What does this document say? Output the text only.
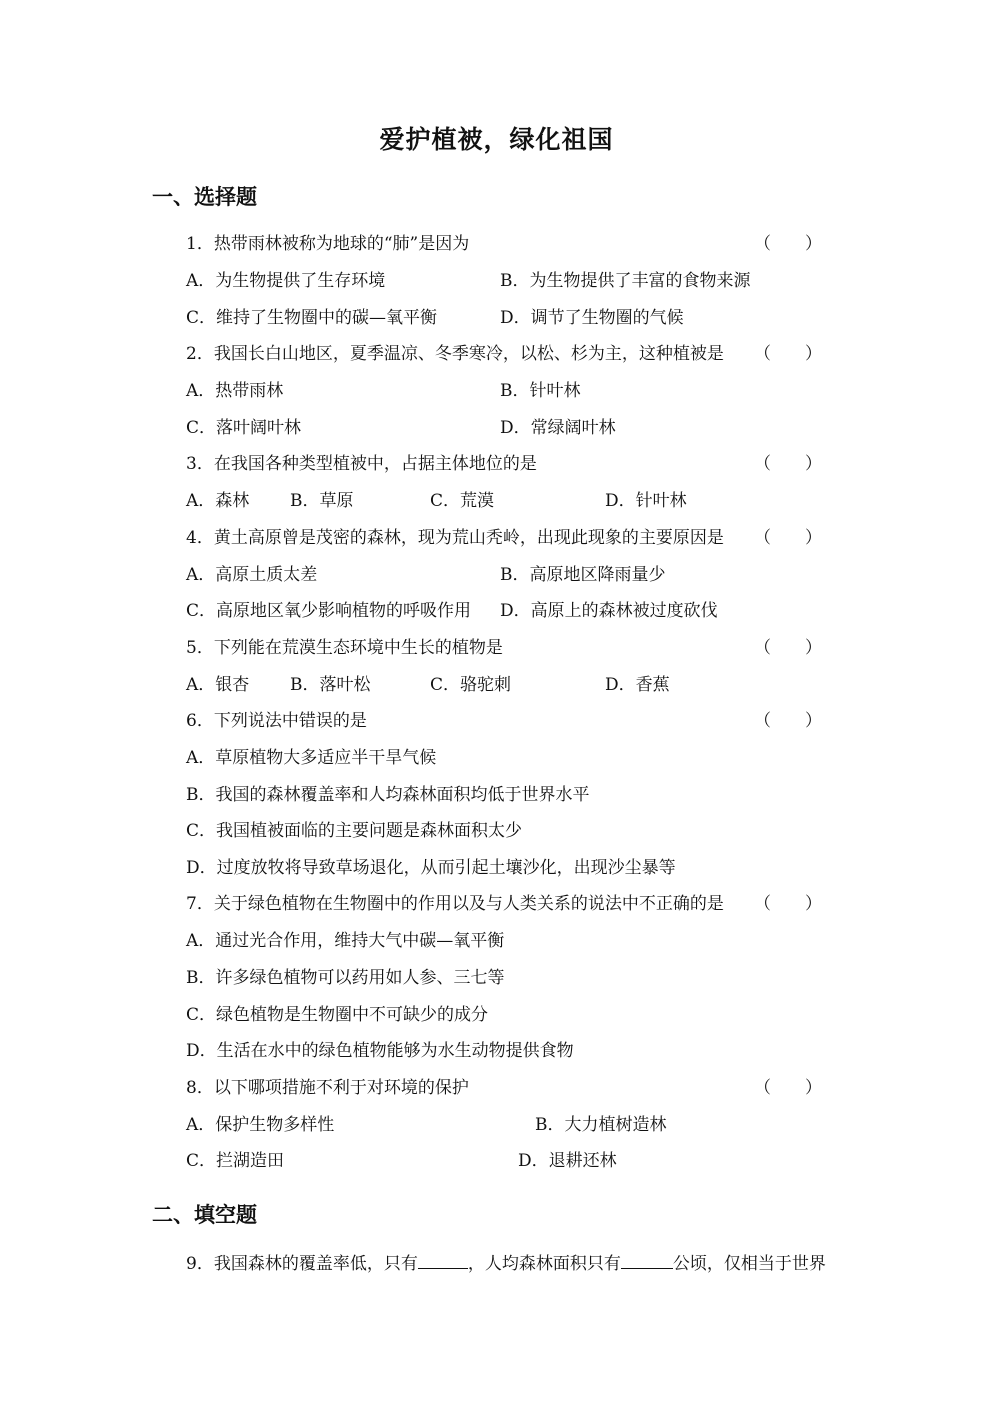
爱护植被，绿化祖国
一、选择题
1．热带雨林被称为地球的“肺”是因为	（　　）
A．为生物提供了生存环境	B．为生物提供了丰富的食物来源
C．维持了生物圈中的碳—氧平衡	D．调节了生物圈的气候
2．我国长白山地区，夏季温凉、冬季寒冷，以松、杉为主，这种植被是 （　　）
A．热带雨林	B．针叶林
C．落叶阔叶林	D．常绿阔叶林
3．在我国各种类型植被中，占据主体地位的是	（　　）
A．森林 B．草原	C．荒漠	D．针叶林
4．黄土高原曾是茂密的森林，现为荒山秃岭，出现此现象的主要原因是 （　　）
A．高原土质太差	B．高原地区降雨量少
C．高原地区氧少影响植物的呼吸作用 D．高原上的森林被过度砍伐
5．下列能在荒漠生态环境中生长的植物是	（　　）
A．银杏 B．落叶松	C．骆驼刺	D．香蕉
6．下列说法中错误的是	（　　）
A．草原植物大多适应半干旱气候
B．我国的森林覆盖率和人均森林面积均低于世界水平
C．我国植被面临的主要问题是森林面积太少
D．过度放牧将导致草场退化，从而引起土壤沙化，出现沙尘暴等
7．关于绿色植物在生物圈中的作用以及与人类关系的说法中不正确的是 （　　）
A．通过光合作用，维持大气中碳—氧平衡
B．许多绿色植物可以药用如人参、三七等
C．绿色植物是生物圈中不可缺少的成分
D．生活在水中的绿色植物能够为水生动物提供食物
8．以下哪项措施不利于对环境的保护	（　　）
A．保护生物多样性	B．大力植树造林
C．拦湖造田	D．退耕还林
二、填空题
9．我国森林的覆盖率低，只有	，人均森林面积只有	公顷，仅相当于世界
